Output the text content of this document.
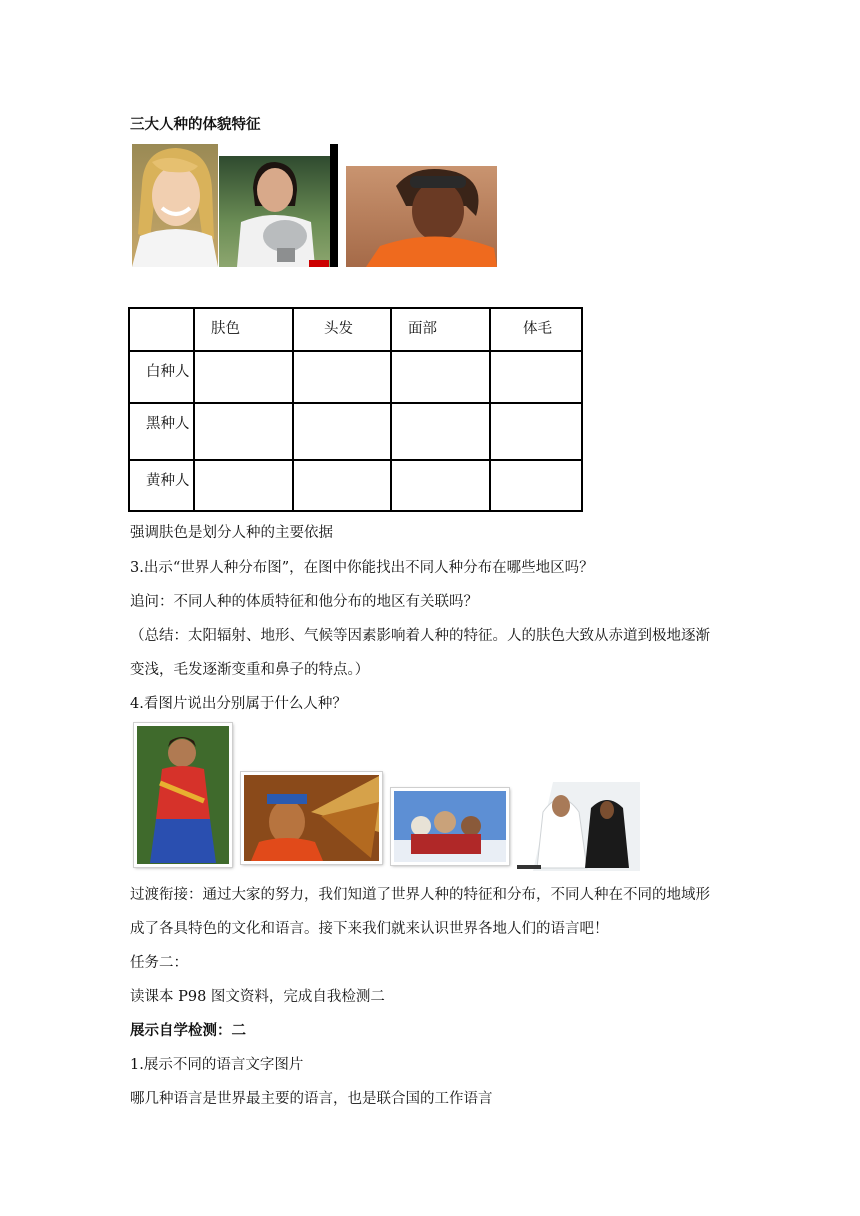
三大人种的体貌特征

	肤色	头发	面部	体毛

白种人				

黑种人				

黄种人				

强调肤色是划分人种的主要依据
3.出示“世界人种分布图”，在图中你能找出不同人种分布在哪些地区吗？
追问：不同人种的体质特征和他分布的地区有关联吗？
（总结：太阳辐射、地形、气候等因素影响着人种的特征。人的肤色大致从赤道到极地逐渐
变浅，毛发逐渐变重和鼻子的特点。）
4.看图片说出分别属于什么人种？
过渡衔接：通过大家的努力，我们知道了世界人种的特征和分布，不同人种在不同的地域形
成了各具特色的文化和语言。接下来我们就来认识世界各地人们的语言吧！
任务二：
读课本 P98 图文资料，完成自我检测二
展示自学检测：二
1.展示不同的语言文字图片
哪几种语言是世界最主要的语言，也是联合国的工作语言
